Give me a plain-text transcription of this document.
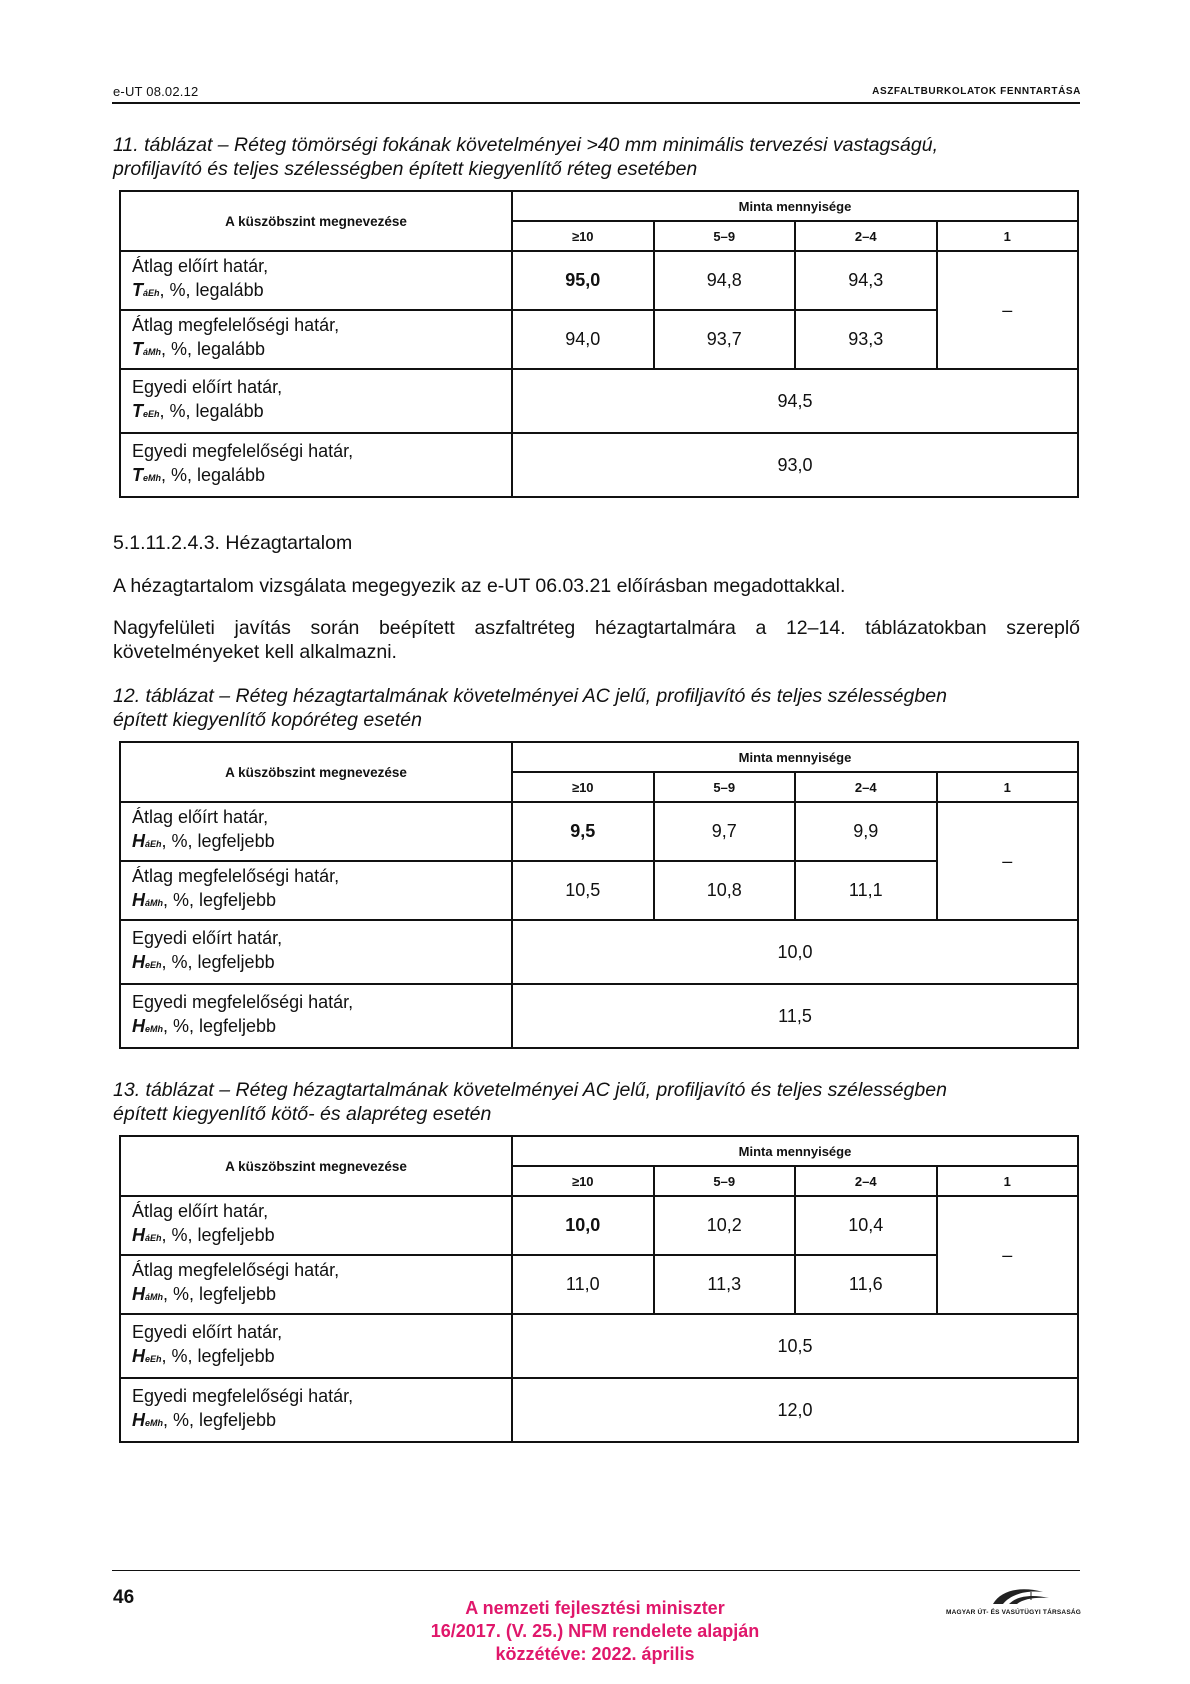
e-UT 08.02.12	ASZFALTBURKOLATOK FENNTARTÁSA
11. táblázat – Réteg tömörségi fokának követelményei >40 mm minimális tervezési vastagságú,
profiljavító és teljes szélességben épített kiegyenlítő réteg esetében
A küszöbszint megnevezése	Minta mennyisége			
	≥10	5–9	2–4	1
Átlag előírt határ,
TáEh, %, legalább	95,0	94,8	94,3	–
Átlag megfelelőségi határ,
TáMh, %, legalább	94,0	93,7	93,3	
Egyedi előírt határ,
TeEh, %, legalább	94,5			
Egyedi megfelelőségi határ,
TeMh, %, legalább	93,0			
5.1.11.2.4.3. Hézagtartalom
A hézagtartalom vizsgálata megegyezik az e-UT 06.03.21 előírásban megadottakkal.
Nagyfelületi javítás során beépített aszfaltréteg hézagtartalmára a 12–14. táblázatokban szereplő követelményeket kell alkalmazni.
12. táblázat – Réteg hézagtartalmának követelményei AC jelű, profiljavító és teljes szélességben
épített kiegyenlítő kopóréteg esetén
A küszöbszint megnevezése	Minta mennyisége			
	≥10	5–9	2–4	1
Átlag előírt határ,
HáEh, %, legfeljebb	9,5	9,7	9,9	–
Átlag megfelelőségi határ,
HáMh, %, legfeljebb	10,5	10,8	11,1	
Egyedi előírt határ,
HeEh, %, legfeljebb	10,0			
Egyedi megfelelőségi határ,
HeMh, %, legfeljebb	11,5			
13. táblázat – Réteg hézagtartalmának követelményei AC jelű, profiljavító és teljes szélességben
épített kiegyenlítő kötő- és alapréteg esetén
A küszöbszint megnevezése	Minta mennyisége			
	≥10	5–9	2–4	1
Átlag előírt határ,
HáEh, %, legfeljebb	10,0	10,2	10,4	–
Átlag megfelelőségi határ,
HáMh, %, legfeljebb	11,0	11,3	11,6	
Egyedi előírt határ,
HeEh, %, legfeljebb	10,5			
Egyedi megfelelőségi határ,
HeMh, %, legfeljebb	12,0			
46	A nemzeti fejlesztési miniszter
16/2017. (V. 25.) NFM rendelete alapján
közzétéve: 2022. április
MAGYAR ÚT- ÉS VASÚTÜGYI TÁRSASÁG
